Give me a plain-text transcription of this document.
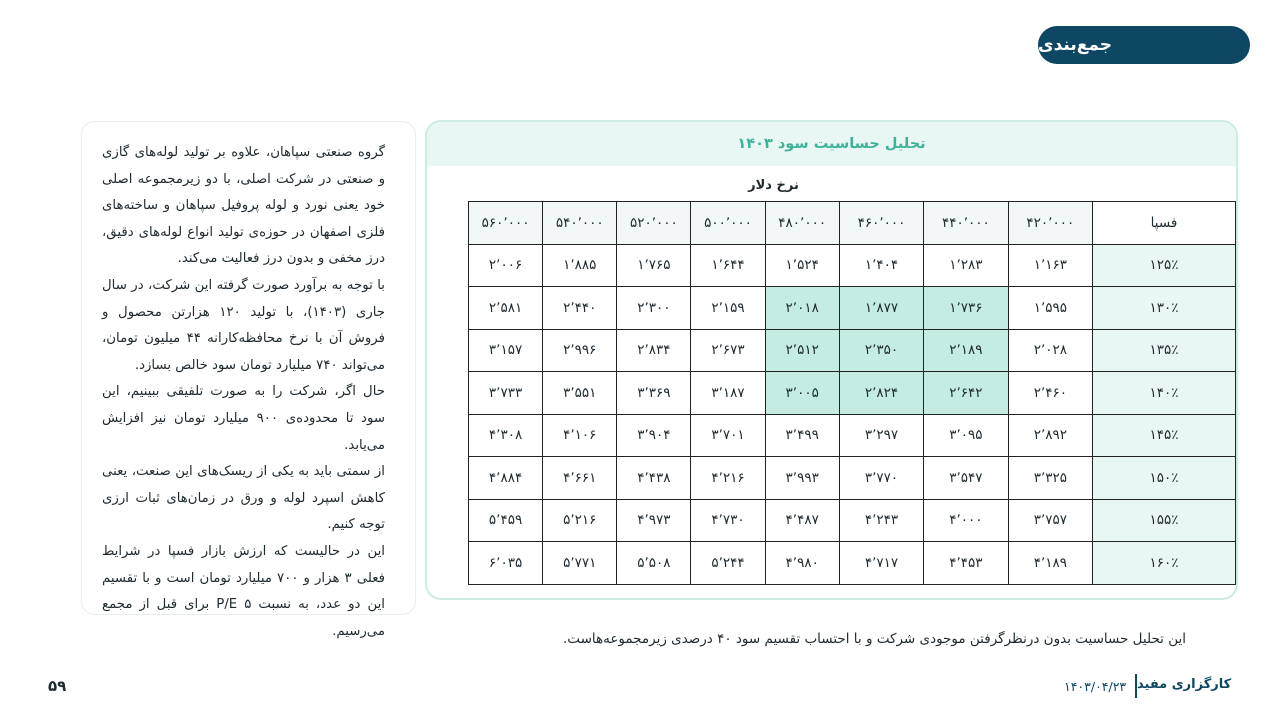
جمع‌بندی

گروه صنعتی سپاهان، علاوه بر تولید لوله‌های گازی و صنعتی در شرکت اصلی، با دو زیرمجموعه اصلی خود یعنی نورد و لوله پروفیل سپاهان و ساخته‌های فلزی اصفهان در حوزه‌ی تولید انواع لوله‌های دقیق، درز مخفی و بدون درز فعالیت می‌کند.

با توجه به برآورد صورت گرفته این شرکت، در سال جاری (۱۴۰۳)، با تولید ۱۲۰ هزارتن محصول و فروش آن با نرخ محافظه‌کارانه ۴۴ میلیون تومان، می‌تواند ۷۴۰ میلیارد تومان سود خالص بسازد.

حال اگر، شرکت را به صورت تلفیقی ببینیم، این سود تا محدوده‌ی ۹۰۰ میلیارد تومان نیز افزایش می‌یابد.

از سمتی باید به یکی از ریسک‌های این صنعت، یعنی کاهش اسپرد لوله و ورق در زمان‌های ثبات ارزی توجه کنیم.

این در حالیست که ارزش بازار فسپا در شرایط فعلی ۳ هزار و ۷۰۰ میلیارد تومان است و با تقسیم این دو عدد، به نسبت P/E ۵ برای قبل از مجمع می‌رسیم.

تحلیل حساسیت سود ۱۴۰۳
نرخ دلار
۵۶۰٬۰۰۰	۵۴۰٬۰۰۰	۵۲۰٬۰۰۰	۵۰۰٬۰۰۰	۴۸۰٬۰۰۰	۴۶۰٬۰۰۰	۴۴۰٬۰۰۰	۴۲۰٬۰۰۰	فسپا
۲٬۰۰۶	۱٬۸۸۵	۱٬۷۶۵	۱٬۶۴۴	۱٬۵۲۴	۱٬۴۰۴	۱٬۲۸۳	۱٬۱۶۳	۱۲۵٪
۲٬۵۸۱	۲٬۴۴۰	۲٬۳۰۰	۲٬۱۵۹	۲٬۰۱۸	۱٬۸۷۷	۱٬۷۳۶	۱٬۵۹۵	۱۳۰٪
۳٬۱۵۷	۲٬۹۹۶	۲٬۸۳۴	۲٬۶۷۳	۲٬۵۱۲	۲٬۳۵۰	۲٬۱۸۹	۲٬۰۲۸	۱۳۵٪
۳٬۷۳۳	۳٬۵۵۱	۳٬۳۶۹	۳٬۱۸۷	۳٬۰۰۵	۲٬۸۲۴	۲٬۶۴۲	۲٬۴۶۰	۱۴۰٪
۴٬۳۰۸	۴٬۱۰۶	۳٬۹۰۴	۳٬۷۰۱	۳٬۴۹۹	۳٬۲۹۷	۳٬۰۹۵	۲٬۸۹۲	۱۴۵٪
۴٬۸۸۴	۴٬۶۶۱	۴٬۴۳۸	۴٬۲۱۶	۳٬۹۹۳	۳٬۷۷۰	۳٬۵۴۷	۳٬۳۲۵	۱۵۰٪
۵٬۴۵۹	۵٬۲۱۶	۴٬۹۷۳	۴٬۷۳۰	۴٬۴۸۷	۴٬۲۴۳	۴٬۰۰۰	۳٬۷۵۷	۱۵۵٪
۶٬۰۳۵	۵٬۷۷۱	۵٬۵۰۸	۵٬۲۴۴	۴٬۹۸۰	۴٬۷۱۷	۴٬۴۵۳	۴٬۱۸۹	۱۶۰٪
این تحلیل حساسیت بدون درنظرگرفتن موجودی شرکت و با احتساب تقسیم سود ۴۰ درصدی زیرمجموعه‌هاست.
۵۹	کارگزاری مفید
۱۴۰۳/۰۴/۲۳
